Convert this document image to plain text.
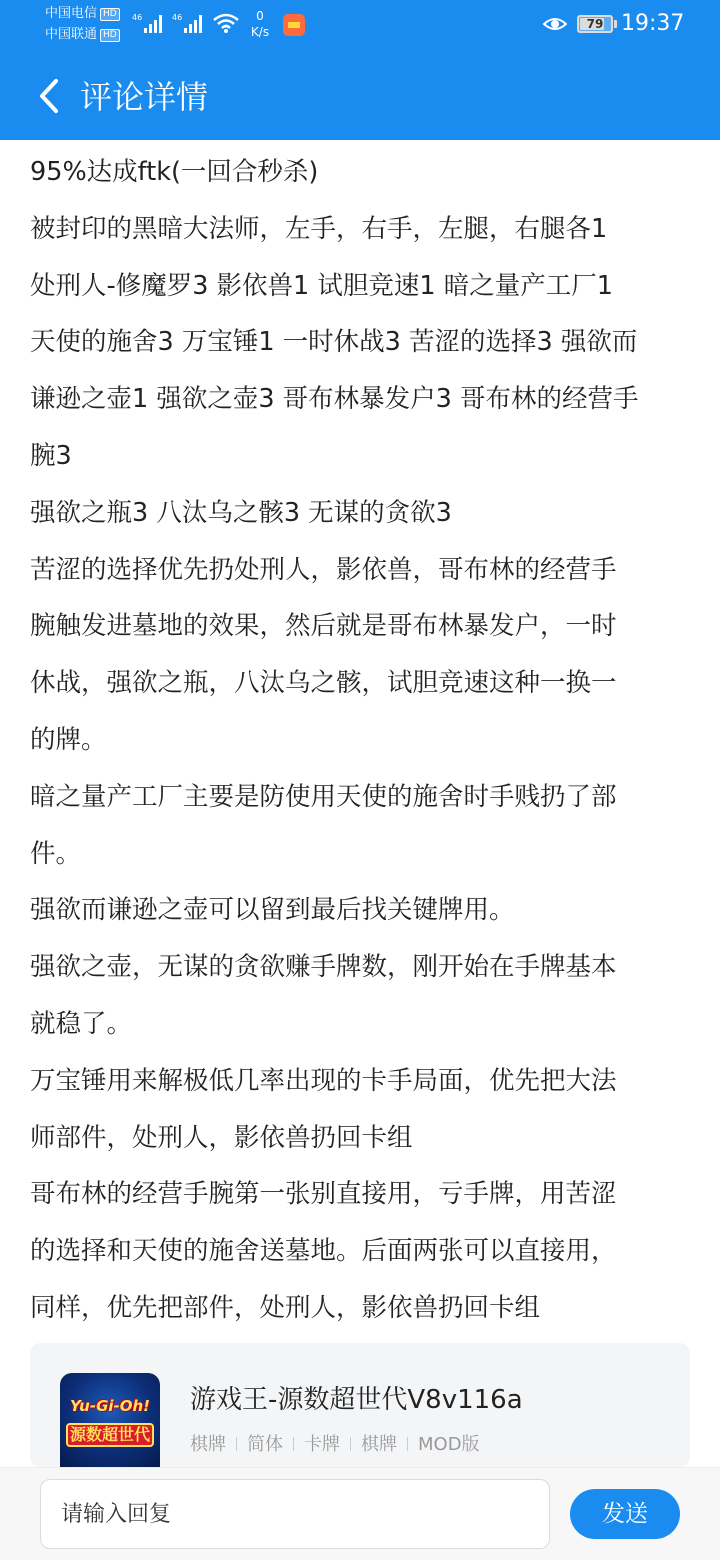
中国电信 HD
中国联通 HD
46	46	0
K/s
79 19:37
评论详情
95%达成ftk(一回合秒杀)
被封印的黑暗大法师，左手，右手，左腿，右腿各1
处刑人-修魔罗3 影依兽1 试胆竞速1 暗之量产工厂1
天使的施舍3 万宝锤1 一时休战3 苦涩的选择3 强欲而
谦逊之壶1 强欲之壶3 哥布林暴发户3 哥布林的经营手
腕3
强欲之瓶3 八汰乌之骸3 无谋的贪欲3
苦涩的选择优先扔处刑人，影依兽，哥布林的经营手
腕触发进墓地的效果，然后就是哥布林暴发户，一时
休战，强欲之瓶，八汰乌之骸，试胆竞速这种一换一
的牌。
暗之量产工厂主要是防使用天使的施舍时手贱扔了部
件。
强欲而谦逊之壶可以留到最后找关键牌用。
强欲之壶，无谋的贪欲赚手牌数，刚开始在手牌基本
就稳了。
万宝锤用来解极低几率出现的卡手局面，优先把大法
师部件，处刑人，影依兽扔回卡组
哥布林的经营手腕第一张别直接用，亏手牌，用苦涩
的选择和天使的施舍送墓地。后面两张可以直接用，
同样，优先把部件，处刑人，影依兽扔回卡组
Yu-Gi-Oh!
源数超世代
游戏王-源数超世代V8v116a
棋牌 简体 卡牌 棋牌 MOD版
请输入回复
发送
